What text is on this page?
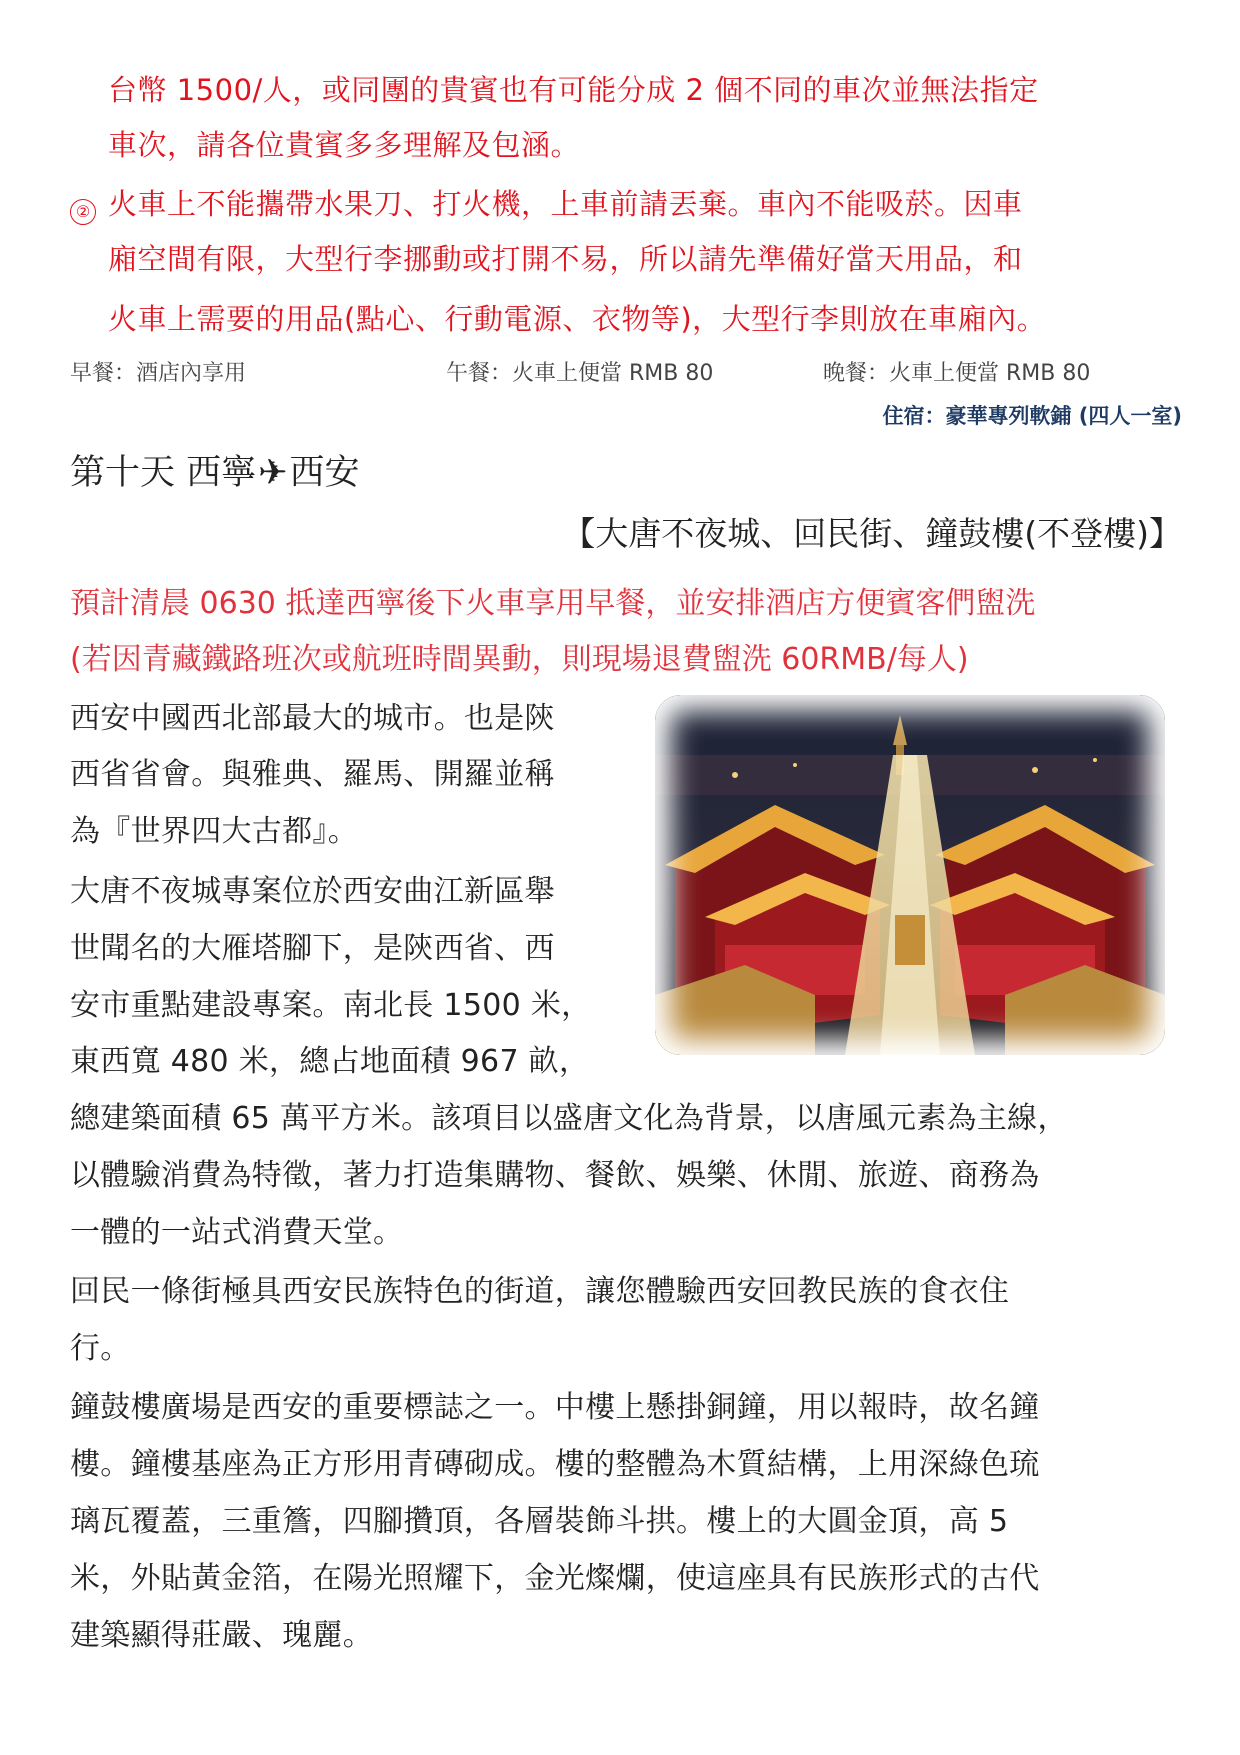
台幣 1500/人，或同團的貴賓也有可能分成 2 個不同的車次並無法指定
車次，請各位貴賓多多理解及包涵。
② 火車上不能攜帶水果刀、打火機，上車前請丟棄。車內不能吸菸。因車
廂空間有限，大型行李挪動或打開不易，所以請先準備好當天用品，和
火車上需要的用品(點心、行動電源、衣物等)，大型行李則放在車廂內。
早餐：酒店內享用	午餐：火車上便當 RMB 80	晚餐：火車上便當 RMB 80
住宿：豪華專列軟鋪 (四人一室)
第十天 西寧✈西安
【大唐不夜城、回民街、鐘鼓樓(不登樓)】
預計清晨 0630 抵達西寧後下火車享用早餐，並安排酒店方便賓客們盥洗
(若因青藏鐵路班次或航班時間異動，則現場退費盥洗 60RMB/每人)
西安中國西北部最大的城市。也是陝
西省省會。與雅典、羅馬、開羅並稱
為『世界四大古都』。
大唐不夜城專案位於西安曲江新區舉
世聞名的大雁塔腳下，是陝西省、西
安市重點建設專案。南北長 1500 米，
東西寬 480 米，總占地面積 967 畝，
總建築面積 65 萬平方米。該項目以盛唐文化為背景，以唐風元素為主線，
以體驗消費為特徵，著力打造集購物、餐飲、娛樂、休閒、旅遊、商務為
一體的一站式消費天堂。
回民一條街極具西安民族特色的街道，讓您體驗西安回教民族的食衣住
行。
鐘鼓樓廣場是西安的重要標誌之一。中樓上懸掛銅鐘，用以報時，故名鐘
樓。鐘樓基座為正方形用青磚砌成。樓的整體為木質結構，上用深綠色琉
璃瓦覆蓋，三重簷，四腳攢頂，各層裝飾斗拱。樓上的大圓金頂，高 5
米，外貼黃金箔，在陽光照耀下，金光燦爛，使這座具有民族形式的古代
建築顯得莊嚴、瑰麗。
